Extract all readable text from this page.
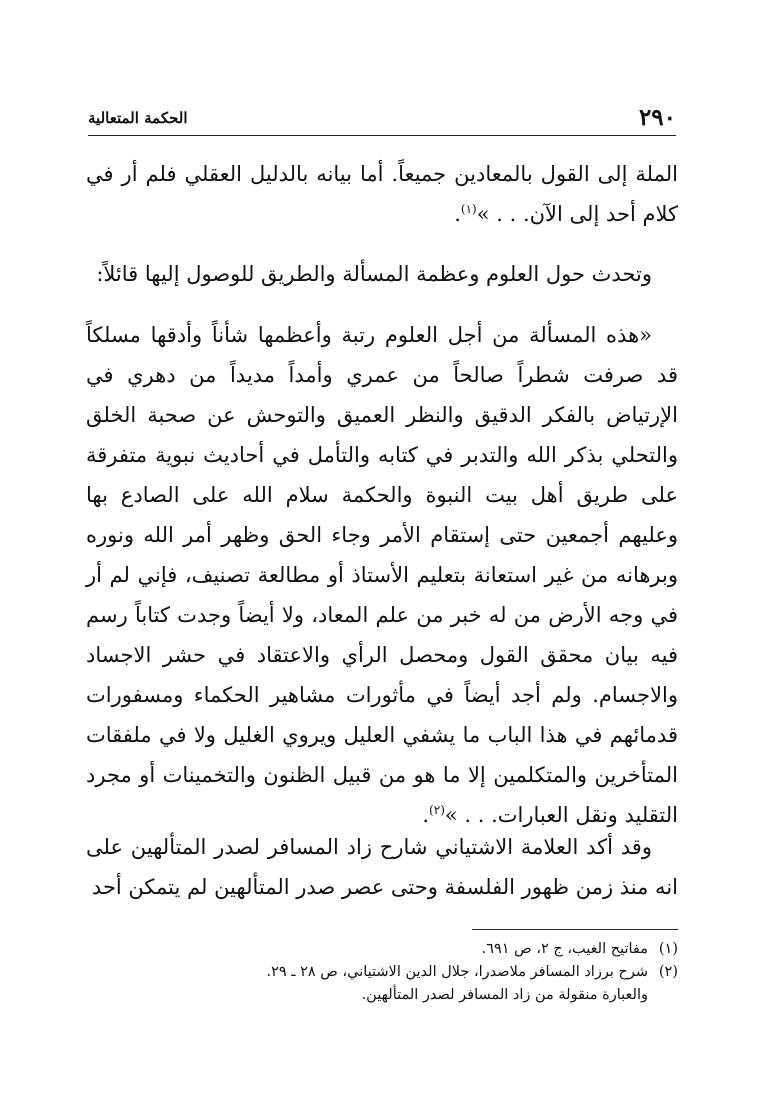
٢٩٠
الحكمة المتعالية

الملة إلى القول بالمعادين جميعاً. أما بيانه بالدليل العقلي فلم أر في كلام أحد إلى الآن. . . »$^{(١)}$.

وتحدث حول العلوم وعظمة المسألة والطريق للوصول إليها قائلاً:

«هذه المسألة من أجل العلوم رتبة وأعظمها شأناً وأدقها مسلكاً قد صرفت شطراً صالحاً من عمري وأمداً مديداً من دهري في الإرتياض بالفكر الدقيق والنظر العميق والتوحش عن صحبة الخلق والتحلي بذكر الله والتدبر في كتابه والتأمل في أحاديث نبوية متفرقة على طريق أهل بيت النبوة والحكمة سلام الله على الصادع بها وعليهم أجمعين حتى إستقام الأمر وجاء الحق وظهر أمر الله ونوره وبرهانه من غير استعانة بتعليم الأستاذ أو مطالعة تصنيف، فإني لم أر في وجه الأرض من له خبر من علم المعاد، ولا أيضاً وجدت كتاباً رسم فيه بيان محقق القول ومحصل الرأي والاعتقاد في حشر الاجساد والاجسام. ولم أجد أيضاً في مأثورات مشاهير الحكماء ومسفورات قدمائهم في هذا الباب ما يشفي العليل ويروي الغليل ولا في ملفقات المتأخرين والمتكلمين إلا ما هو من قبيل الظنون والتخمينات أو مجرد التقليد ونقل العبارات. . . »$^{(٢)}$.

وقد أكد العلامة الاشتياني شارح زاد المسافر لصدر المتألهين على انه منذ زمن ظهور الفلسفة وحتى عصر صدر المتألهين لم يتمكن أحد

(١)مفاتيح الغيب، ج ٢، ص ٦٩١.
(٢)شرح برزاد المسافر ملاصدرا، جلال الدين الاشتياني، ص ٢٨ ـ ٢٩.
والعبارة منقولة من زاد المسافر لصدر المتألهين.
